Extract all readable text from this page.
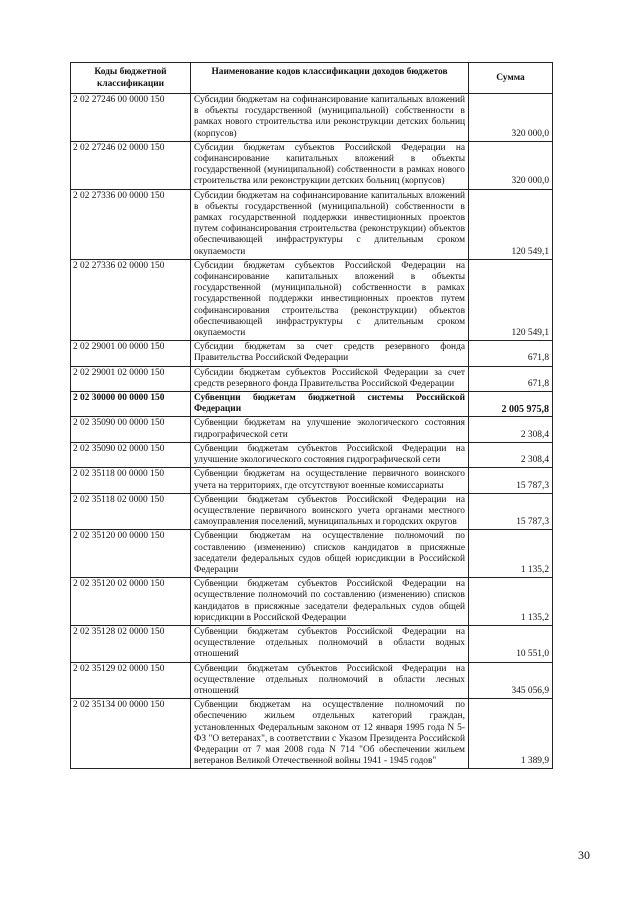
Коды бюджетной классификации	Наименование кодов классификации доходов бюджетов	Сумма
2 02 27246 00 0000 150	Субсидии бюджетам на софинансирование капитальных вложений в объекты государственной (муниципальной) собственности в рамках нового строительства или реконструкции детских больниц (корпусов)	320 000,0
2 02 27246 02 0000 150	Субсидии бюджетам субъектов Российской Федерации на софинансирование капитальных вложений в объекты государственной (муниципальной) собственности в рамках нового строительства или реконструкции детских больниц (корпусов)	320 000,0
2 02 27336 00 0000 150	Субсидии бюджетам на софинансирование капитальных вложений в объекты государственной (муниципальной) собственности в рамках государственной поддержки инвестиционных проектов путем софинансирования строительства (реконструкции) объектов обеспечивающей инфраструктуры с длительным сроком окупаемости	120 549,1
2 02 27336 02 0000 150	Субсидии бюджетам субъектов Российской Федерации на софинансирование капитальных вложений в объекты государственной (муниципальной) собственности в рамках государственной поддержки инвестиционных проектов путем софинансирования строительства (реконструкции) объектов обеспечивающей инфраструктуры с длительным сроком окупаемости	120 549,1
2 02 29001 00 0000 150	Субсидии бюджетам за счет средств резервного фонда Правительства Российской Федерации	671,8
2 02 29001 02 0000 150	Субсидии бюджетам субъектов Российской Федерации за счет средств резервного фонда Правительства Российской Федерации	671,8
2 02 30000 00 0000 150	Субвенции бюджетам бюджетной системы Российской Федерации	2 005 975,8
2 02 35090 00 0000 150	Субвенции бюджетам на улучшение экологического состояния гидрографической сети	2 308,4
2 02 35090 02 0000 150	Субвенции бюджетам субъектов Российской Федерации на улучшение экологического состояния гидрографической сети	2 308,4
2 02 35118 00 0000 150	Субвенции бюджетам на осуществление первичного воинского учета на территориях, где отсутствуют военные комиссариаты	15 787,3
2 02 35118 02 0000 150	Субвенции бюджетам субъектов Российской Федерации на осуществление первичного воинского учета органами местного самоуправления поселений, муниципальных и городских округов	15 787,3
2 02 35120 00 0000 150	Субвенции бюджетам на осуществление полномочий по составлению (изменению) списков кандидатов в присяжные заседатели федеральных судов общей юрисдикции в Российской Федерации	1 135,2
2 02 35120 02 0000 150	Субвенции бюджетам субъектов Российской Федерации на осуществление полномочий по составлению (изменению) списков кандидатов в присяжные заседатели федеральных судов общей юрисдикции в Российской Федерации	1 135,2
2 02 35128 02 0000 150	Субвенции бюджетам субъектов Российской Федерации на осуществление отдельных полномочий в области водных отношений	10 551,0
2 02 35129 02 0000 150	Субвенции бюджетам субъектов Российской Федерации на осуществление отдельных полномочий в области лесных отношений	345 056,9
2 02 35134 00 0000 150	Субвенции бюджетам на осуществление полномочий по обеспечению жильем отдельных категорий граждан, установленных Федеральным законом от 12 января 1995 года N 5-ФЗ "О ветеранах", в соответствии с Указом Президента Российской Федерации от 7 мая 2008 года N 714 "Об обеспечении жильем ветеранов Великой Отечественной войны 1941 - 1945 годов"	1 389,9
30
